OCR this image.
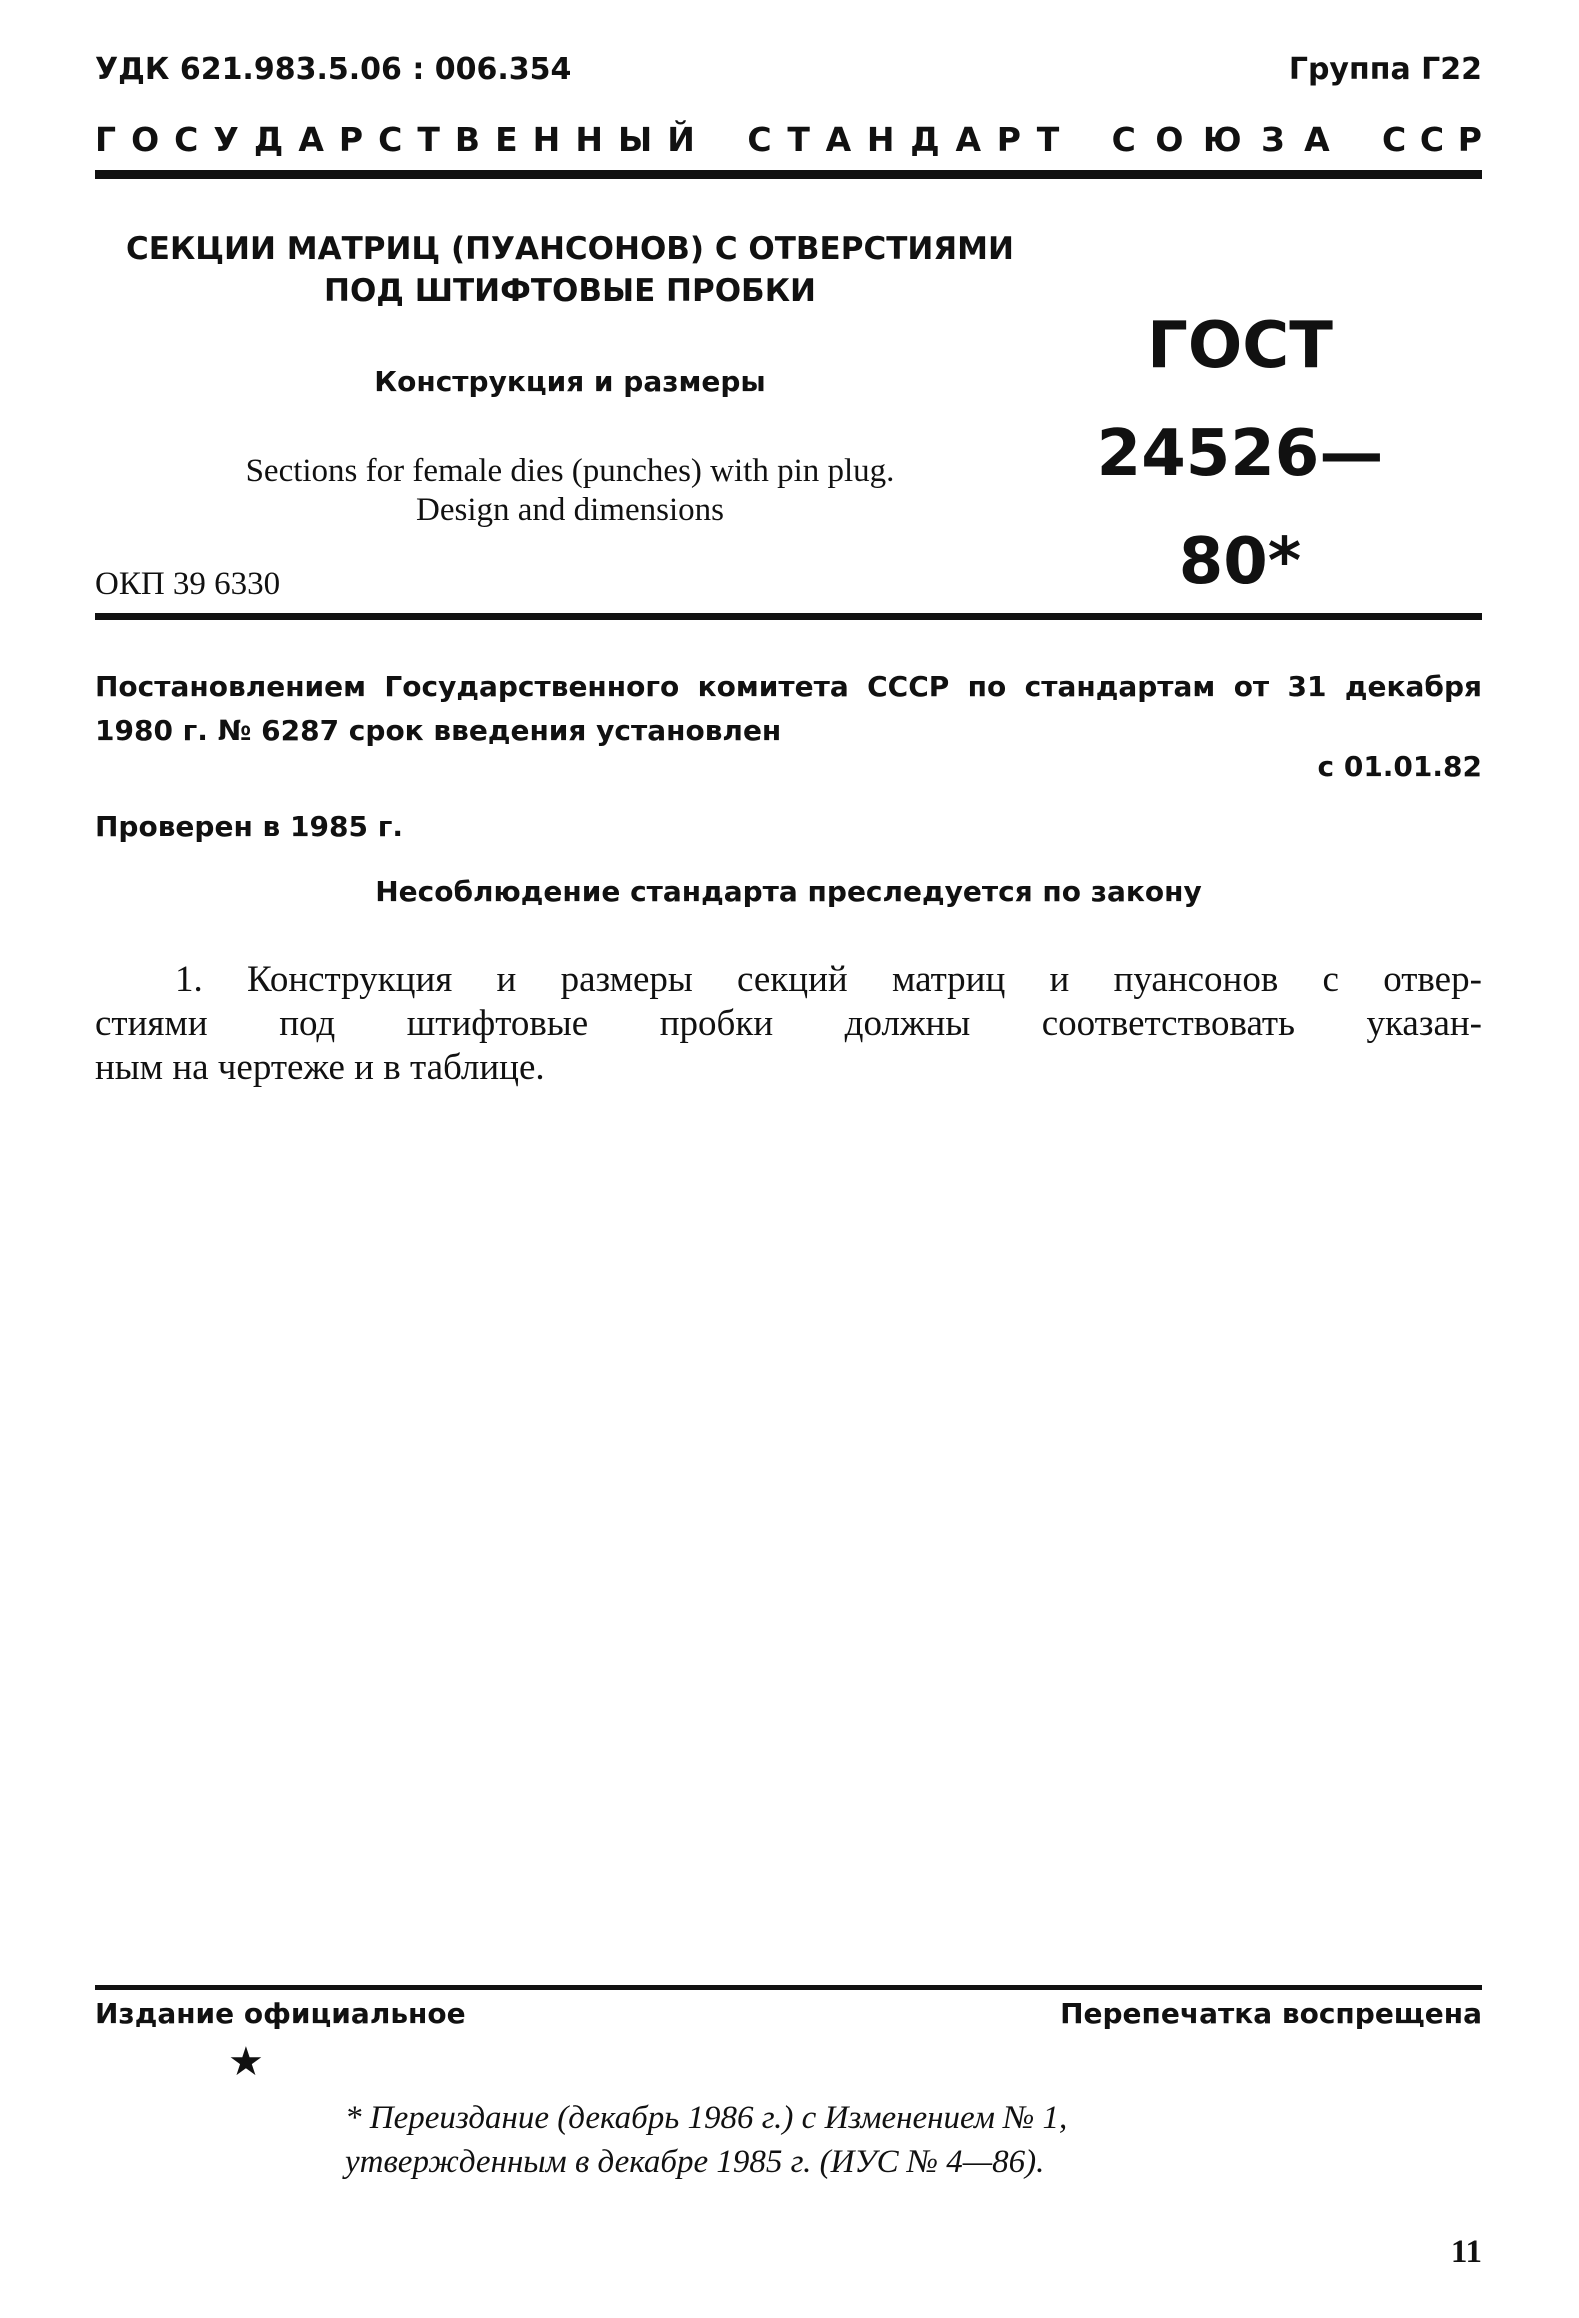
УДК 621.983.5.06 : 006.354	Группа Г22
Г О С У Д А Р С Т В Е Н Н Ы Й С Т А Н Д А Р Т С О Ю З А С С Р
СЕКЦИИ МАТРИЦ (ПУАНСОНОВ) С ОТВЕРСТИЯМИ
ПОД ШТИФТОВЫЕ ПРОБКИ
Конструкция и размеры
Sections for female dies (punches) with pin plug.
Design and dimensions
ГОСТ
24526—80*
ОКП 39 6330
Постановлением Государственного комитета СССР по стандартам от 31 декабря
1980 г. № 6287 срок введения установлен
с 01.01.82
Проверен в 1985 г.
Несоблюдение стандарта преследуется по закону
1. Конструкция и размеры секций матриц и пуансонов с отвер-
стиями под штифтовые пробки должны соответствовать указан-
ным на чертеже и в таблице.
Издание официальное	Перепечатка воспрещена
★
* Переиздание (декабрь 1986 г.) с Изменением № 1,
утвержденным в декабре 1985 г. (ИУС № 4—86).
11
